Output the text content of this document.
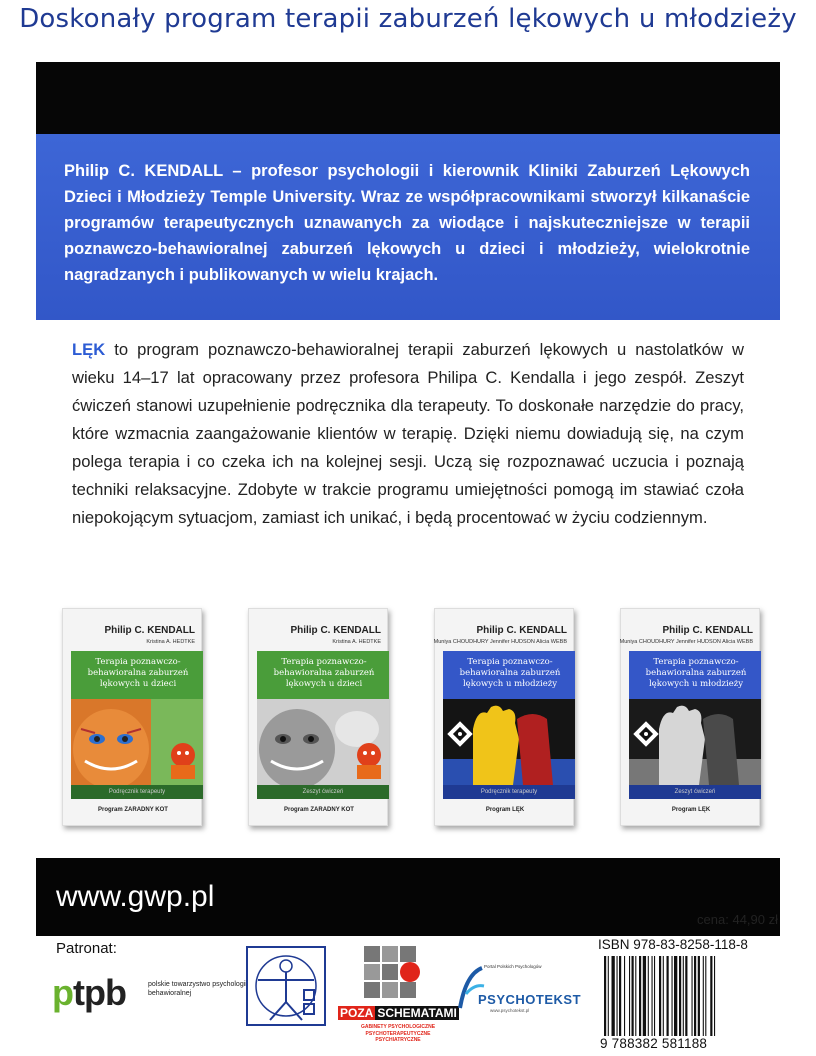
Doskonały program terapii zaburzeń lękowych u młodzieży

Philip C. KENDALL – profesor psychologii i kierownik Kliniki Zaburzeń Lękowych Dzieci i Młodzieży Temple University. Wraz ze współpracownikami stworzył kilkanaście programów terapeutycznych uznawanych za wiodące i najskuteczniejsze w terapii poznawczo-behawioralnej zaburzeń lękowych u dzieci i młodzieży, wielokrotnie nagradzanych i publikowanych w wielu krajach.

LĘK to program poznawczo-behawioralnej terapii zaburzeń lękowych u nastolatków w wieku 14–17 lat opracowany przez profesora Philipa C. Kendalla i jego zespół. Zeszyt ćwiczeń stanowi uzupełnienie podręcznika dla terapeuty. To doskonałe narzędzie do pracy, które wzmacnia zaangażowanie klientów w terapię. Dzięki niemu dowiadują się, na czym polega terapia i co czeka ich na kolejnej sesji. Uczą się rozpoznawać uczucia i poznają techniki relaksacyjne. Zdobyte w trakcie programu umiejętności pomogą im stawiać czoła niepokojącym sytuacjom, zamiast ich unikać, i będą procentować w życiu codziennym.
Philip C. KENDALL
Kristina A. HEDTKE
Terapia poznawczo-behawioralna zaburzeń lękowych u dzieci
Podręcznik terapeuty
Program ZARADNY KOT
Philip C. KENDALL
Kristina A. HEDTKE
Terapia poznawczo-behawioralna zaburzeń lękowych u dzieci
Zeszyt ćwiczeń
Program ZARADNY KOT
Philip C. KENDALL
Muniya CHOUDHURY Jennifer HUDSON Alicia WEBB
Terapia poznawczo-behawioralna zaburzeń lękowych u młodzieży
Podręcznik terapeuty
Program LĘK
Philip C. KENDALL
Muniya CHOUDHURY Jennifer HUDSON Alicia WEBB
Terapia poznawczo-behawioralna zaburzeń lękowych u młodzieży
Zeszyt ćwiczeń
Program LĘK
www.gwp.pl
cena: 44,90 zł
Patronat:
ptpb	polskie towarzystwo psychologii behawioralnej
POZA SCHEMATAMI
GABINETY PSYCHOLOGICZNE PSYCHOTERAPEUTYCZNE PSYCHIATRYCZNE
Portal Polskich Psychologów
PSYCHOTEKST
www.psychotekst.pl
ISBN 978-83-8258-118-8
9 788382 581188
